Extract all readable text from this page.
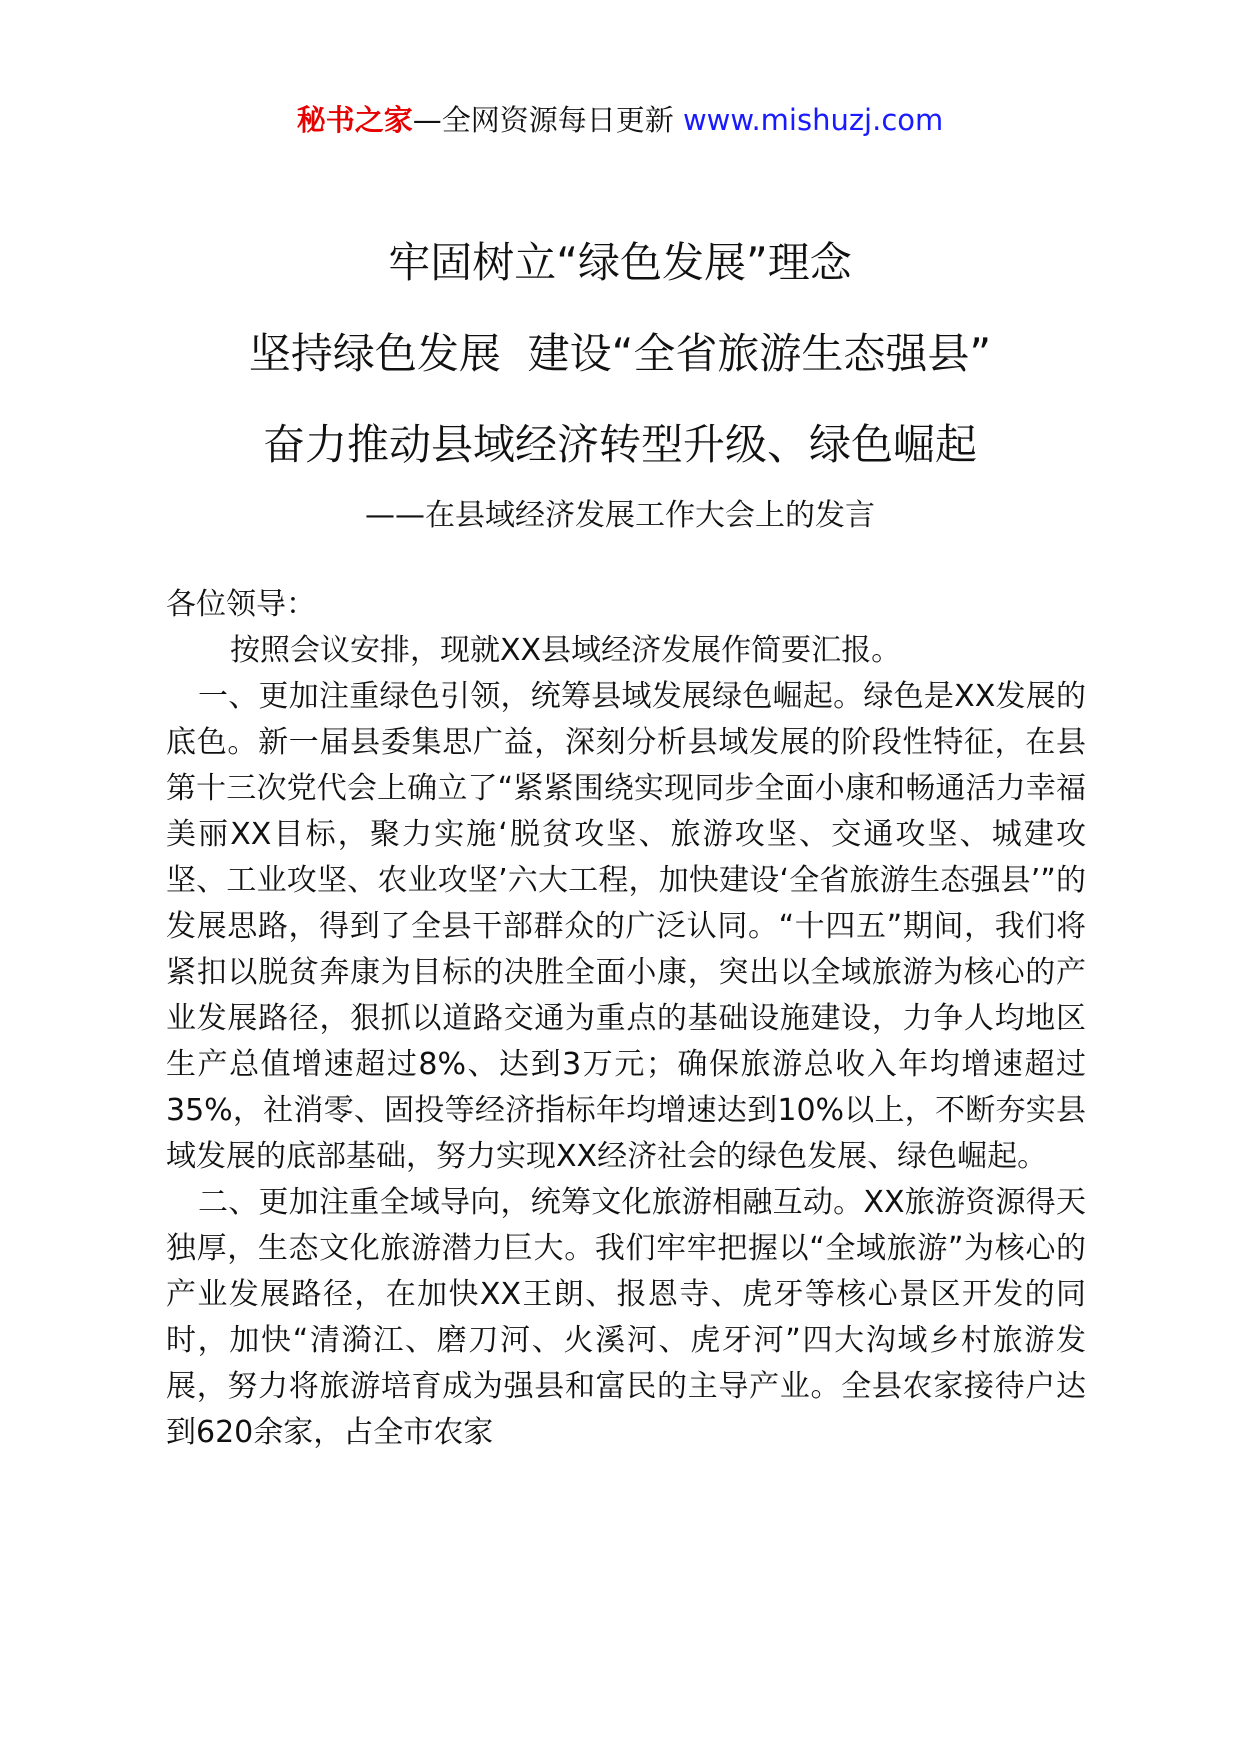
秘书之家—全网资源每日更新 www.mishuzj.com
牢固树立“绿色发展”理念
坚持绿色发展  建设“全省旅游生态强县”
奋力推动县域经济转型升级、绿色崛起
——在县域经济发展工作大会上的发言

各位领导：

按照会议安排，现就XX县域经济发展作简要汇报。

一、更加注重绿色引领，统筹县域发展绿色崛起。绿色是XX发展的底色。新一届县委集思广益，深刻分析县域发展的阶段性特征，在县第十三次党代会上确立了“紧紧围绕实现同步全面小康和畅通活力幸福美丽XX目标，聚力实施‘脱贫攻坚、旅游攻坚、交通攻坚、城建攻坚、工业攻坚、农业攻坚’六大工程，加快建设‘全省旅游生态强县’”的发展思路，得到了全县干部群众的广泛认同。“十四五”期间，我们将紧扣以脱贫奔康为目标的决胜全面小康，突出以全域旅游为核心的产业发展路径，狠抓以道路交通为重点的基础设施建设，力争人均地区生产总值增速超过8%、达到3万元；确保旅游总收入年均增速超过35%，社消零、固投等经济指标年均增速达到10%以上，不断夯实县域发展的底部基础，努力实现XX经济社会的绿色发展、绿色崛起。

二、更加注重全域导向，统筹文化旅游相融互动。XX旅游资源得天独厚，生态文化旅游潜力巨大。我们牢牢把握以“全域旅游”为核心的产业发展路径，在加快XX王朗、报恩寺、虎牙等核心景区开发的同时，加快“清漪江、磨刀河、火溪河、虎牙河”四大沟域乡村旅游发展，努力将旅游培育成为强县和富民的主导产业。全县农家接待户达到620余家，占全市农家
